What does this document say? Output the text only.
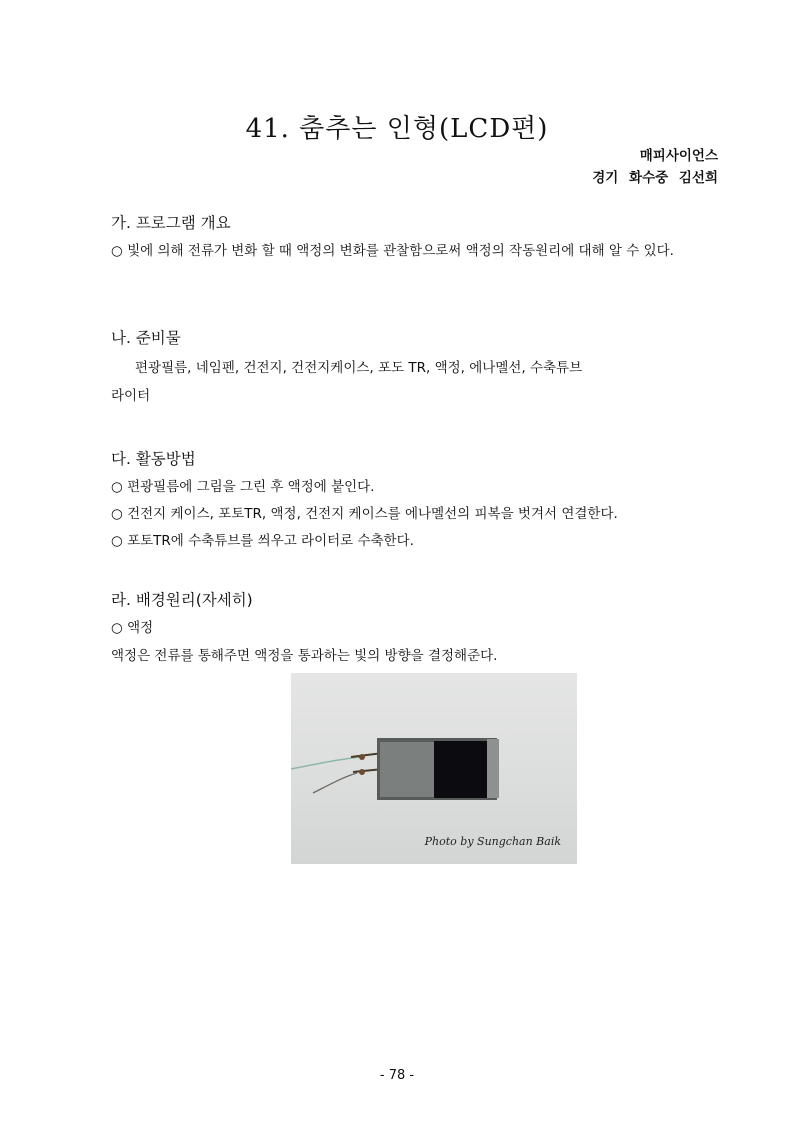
41. 춤추는 인형(LCD편)
매피사이언스
경기 화수중 김선희
가. 프로그램 개요
○ 빛에 의해 전류가 변화 할 때 액정의 변화를 관찰함으로써 액정의 작동원리에 대해 알 수 있다.
나. 준비물
편광필름, 네임펜, 건전지, 건전지케이스, 포도 TR, 액정, 에나멜선, 수축튜브
라이터
다. 활동방법
○ 편광필름에 그림을 그린 후 액정에 붙인다.
○ 건전지 케이스, 포토TR, 액정, 건전지 케이스를 에나멜선의 피복을 벗겨서 연결한다.
○ 포토TR에 수축튜브를 씌우고 라이터로 수축한다.
라. 배경원리(자세히)
○ 액정
액정은 전류를 통해주면 액정을 통과하는 빛의 방향을 결정해준다.
Photo by Sungchan Baik
- 78 -
